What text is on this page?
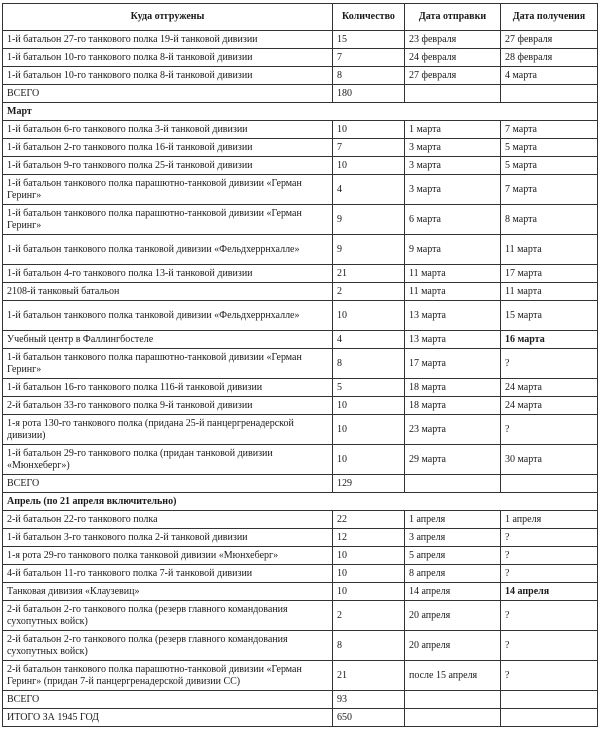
Куда отгружены	Количество	Дата отправки	Дата получения
1-й батальон 27-го танкового полка 19-й танковой дивизии	15	23 февраля	27 февраля
1-й батальон 10-го танкового полка 8-й танковой дивизии	7	24 февраля	28 февраля
1-й батальон 10-го танкового полка 8-й танковой дивизии	8	27 февраля	4 марта
ВСЕГО	180		
Март			
1-й батальон 6-го танкового полка 3-й танковой дивизии	10	1 марта	7 марта
1-й батальон 2-го танкового полка 16-й танковой дивизии	7	3 марта	5 марта
1-й батальон 9-го танкового полка 25-й танковой дивизии	10	3 марта	5 марта
1-й батальон танкового полка парашютно-танковой дивизии «Герман Геринг»	4	3 марта	7 марта
1-й батальон танкового полка парашютно-танковой дивизии «Герман Геринг»	9	6 марта	8 марта
1-й батальон танкового полка танковой дивизии «Фельдхеррнхалле»	9	9 марта	11 марта
1-й батальон 4-го танкового полка 13-й танковой дивизии	21	11 марта	17 марта
2108-й танковый батальон	2	11 марта	11 марта
1-й батальон танкового полка танковой дивизии «Фельдхеррнхалле»	10	13 марта	15 марта
Учебный центр в Фаллингбостеле	4	13 марта	16 марта
1-й батальон танкового полка парашютно-танковой дивизии «Герман Геринг»	8	17 марта	?
1-й батальон 16-го танкового полка 116-й танковой дивизии	5	18 марта	24 марта
2-й батальон 33-го танкового полка 9-й танковой дивизии	10	18 марта	24 марта
1-я рота 130-го танкового полка (придана 25-й панцергренадерской дивизии)	10	23 марта	?
1-й батальон 29-го танкового полка (придан танковой дивизии «Мюнхеберг»)	10	29 марта	30 марта
ВСЕГО	129		
Апрель (по 21 апреля включительно)			
2-й батальон 22-го танкового полка	22	1 апреля	1 апреля
1-й батальон 3-го танкового полка 2-й танковой дивизии	12	3 апреля	?
1-я рота 29-го танкового полка танковой дивизии «Мюнхеберг»	10	5 апреля	?
4-й батальон 11-го танкового полка 7-й танковой дивизии	10	8 апреля	?
Танковая дивизия «Клаузевиц»	10	14 апреля	14 апреля
2-й батальон 2-го танкового полка (резерв главного командования сухопутных войск)	2	20 апреля	?
2-й батальон 2-го танкового полка (резерв главного командования сухопутных войск)	8	20 апреля	?
2-й батальон танкового полка парашютно-танковой дивизии «Герман Геринг» (придан 7-й панцергренадерской дивизии СС)	21	после 15 апреля	?
ВСЕГО	93		
ИТОГО ЗА 1945 ГОД	650		
